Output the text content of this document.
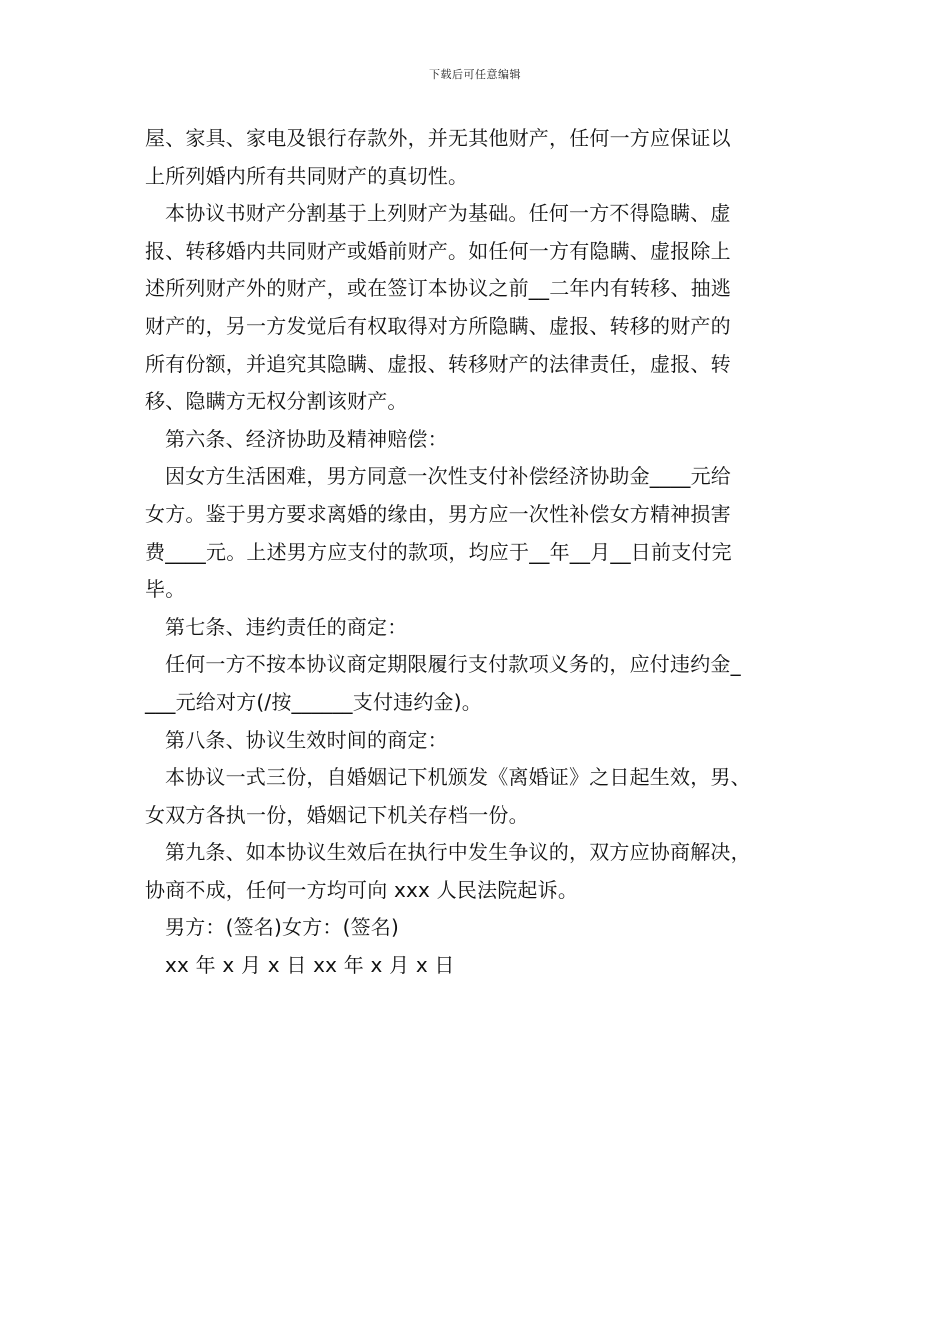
下载后可任意编辑
屋、家具、家电及银行存款外，并无其他财产，任何一方应保证以
上所列婚内所有共同财产的真切性。
本协议书财产分割基于上列财产为基础。任何一方不得隐瞒、虚
报、转移婚内共同财产或婚前财产。如任何一方有隐瞒、虚报除上
述所列财产外的财产，或在签订本协议之前__二年内有转移、抽逃
财产的，另一方发觉后有权取得对方所隐瞒、虚报、转移的财产的
所有份额，并追究其隐瞒、虚报、转移财产的法律责任，虚报、转
移、隐瞒方无权分割该财产。
第六条、经济协助及精神赔偿：
因女方生活困难，男方同意一次性支付补偿经济协助金____元给
女方。鉴于男方要求离婚的缘由，男方应一次性补偿女方精神损害
费____元。上述男方应支付的款项，均应于__年__月__日前支付完
毕。
第七条、违约责任的商定：
任何一方不按本协议商定期限履行支付款项义务的，应付违约金_
___元给对方(/按______支付违约金)。
第八条、协议生效时间的商定：
本协议一式三份，自婚姻记下机颁发《离婚证》之日起生效，男、
女双方各执一份，婚姻记下机关存档一份。
第九条、如本协议生效后在执行中发生争议的，双方应协商解决，
协商不成，任何一方均可向 xxx 人民法院起诉。
男方：(签名)女方：(签名)
xx 年 x 月 x 日 xx 年 x 月 x 日
